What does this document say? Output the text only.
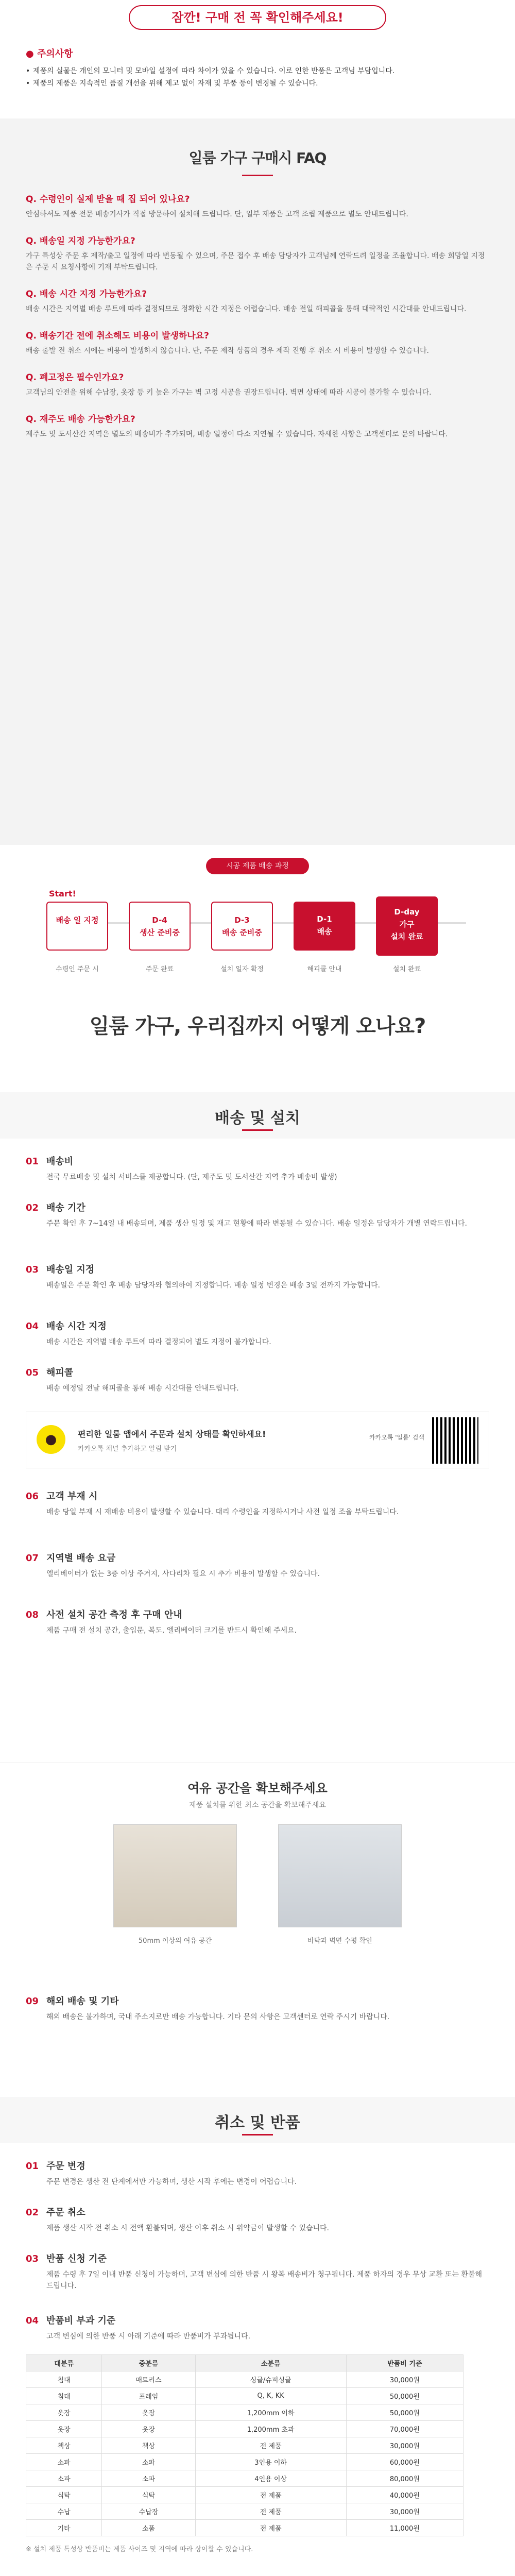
잠깐! 구매 전 꼭 확인해주세요!
● 주의사항
• 제품의 실물은 개인의 모니터 및 모바일 설정에 따라 차이가 있을 수 있습니다. 이로 인한 반품은 고객님 부담입니다.
• 제품의 제품은 지속적인 품질 개선을 위해 제고 없이 자재 및 부품 등이 변경될 수 있습니다.
일룸 가구 구매시 FAQ
Q. 수령인이 실제 받을 때 집 되어 있나요?
안심하셔도 제품 전문 배송기사가 직접 방문하여 설치해 드립니다. 단, 일부 제품은 고객 조립 제품으로 별도 안내드립니다.
Q. 배송일 지정 가능한가요?
가구 특성상 주문 후 제작/출고 일정에 따라 변동될 수 있으며, 주문 접수 후 배송 담당자가 고객님께 연락드려 일정을 조율합니다. 배송 희망일 지정은 주문 시 요청사항에 기재 부탁드립니다.
Q. 배송 시간 지정 가능한가요?
배송 시간은 지역별 배송 루트에 따라 결정되므로 정확한 시간 지정은 어렵습니다. 배송 전일 해피콜을 통해 대략적인 시간대를 안내드립니다.
Q. 배송기간 전에 취소해도 비용이 발생하나요?
배송 출발 전 취소 시에는 비용이 발생하지 않습니다. 단, 주문 제작 상품의 경우 제작 진행 후 취소 시 비용이 발생할 수 있습니다.
Q. 폐고정은 필수인가요?
고객님의 안전을 위해 수납장, 옷장 등 키 높은 가구는 벽 고정 시공을 권장드립니다. 벽면 상태에 따라 시공이 불가할 수 있습니다.
Q. 재주도 배송 가능한가요?
제주도 및 도서산간 지역은 별도의 배송비가 추가되며, 배송 일정이 다소 지연될 수 있습니다. 자세한 사항은 고객센터로 문의 바랍니다.
시공 제품 배송 과정
Start!
배송 일 지정	D-4
생산 준비중
D-3
배송 준비중
D-1
배송
D-day
가구
설치 완료
수령인 주문 시	주문 완료	설치 일자 확정	해피콜 안내	설치 완료
일룸 가구, 우리집까지 어떻게 오나요?
배송 및 설치
01 배송비

전국 무료배송 및 설치 서비스를 제공합니다. (단, 제주도 및 도서산간 지역 추가 배송비 발생)

02 배송 기간

주문 확인 후 7~14일 내 배송되며, 제품 생산 일정 및 재고 현황에 따라 변동될 수 있습니다. 배송 일정은 담당자가 개별 연락드립니다.

03 배송일 지정

배송일은 주문 확인 후 배송 담당자와 협의하여 지정합니다. 배송 일정 변경은 배송 3일 전까지 가능합니다.

04 배송 시간 지정

배송 시간은 지역별 배송 루트에 따라 결정되어 별도 지정이 불가합니다.

05 해피콜

배송 예정일 전날 해피콜을 통해 배송 시간대를 안내드립니다.

●	편리한 일룸 앱에서 주문과 설치 상태를 확인하세요!
카카오톡 채널 추가하고 알림 받기
카카오톡 '일룸' 검색
06 고객 부재 시

배송 당일 부재 시 재배송 비용이 발생할 수 있습니다. 대리 수령인을 지정하시거나 사전 일정 조율 부탁드립니다.

07 지역별 배송 요금

엘리베이터가 없는 3층 이상 주거지, 사다리차 필요 시 추가 비용이 발생할 수 있습니다.

08 사전 설치 공간 측정 후 구매 안내

제품 구매 전 설치 공간, 출입문, 복도, 엘리베이터 크기를 반드시 확인해 주세요.

여유 공간을 확보해주세요
제품 설치를 위한 최소 공간을 확보해주세요
50mm 이상의 여유 공간	바닥과 벽면 수평 확인
09 해외 배송 및 기타

해외 배송은 불가하며, 국내 주소지로만 배송 가능합니다. 기타 문의 사항은 고객센터로 연락 주시기 바랍니다.

취소 및 반품
01 주문 변경

주문 변경은 생산 전 단계에서만 가능하며, 생산 시작 후에는 변경이 어렵습니다.

02 주문 취소

제품 생산 시작 전 취소 시 전액 환불되며, 생산 이후 취소 시 위약금이 발생할 수 있습니다.

03 반품 신청 기준

제품 수령 후 7일 이내 반품 신청이 가능하며, 고객 변심에 의한 반품 시 왕복 배송비가 청구됩니다. 제품 하자의 경우 무상 교환 또는 환불해 드립니다.

04 반품비 부과 기준

고객 변심에 의한 반품 시 아래 기준에 따라 반품비가 부과됩니다.

대분류	중분류	소분류	반품비 기준
침대	매트리스	싱글/슈퍼싱글	30,000원
침대	프레임	Q, K, KK	50,000원
옷장	옷장	1,200mm 이하	50,000원
옷장	옷장	1,200mm 초과	70,000원
책상	책상	전 제품	30,000원
소파	소파	3인용 이하	60,000원
소파	소파	4인용 이상	80,000원
식탁	식탁	전 제품	40,000원
수납	수납장	전 제품	30,000원
기타	소품	전 제품	11,000원
※ 설치 제품 특성상 반품비는 제품 사이즈 및 지역에 따라 상이할 수 있습니다.
